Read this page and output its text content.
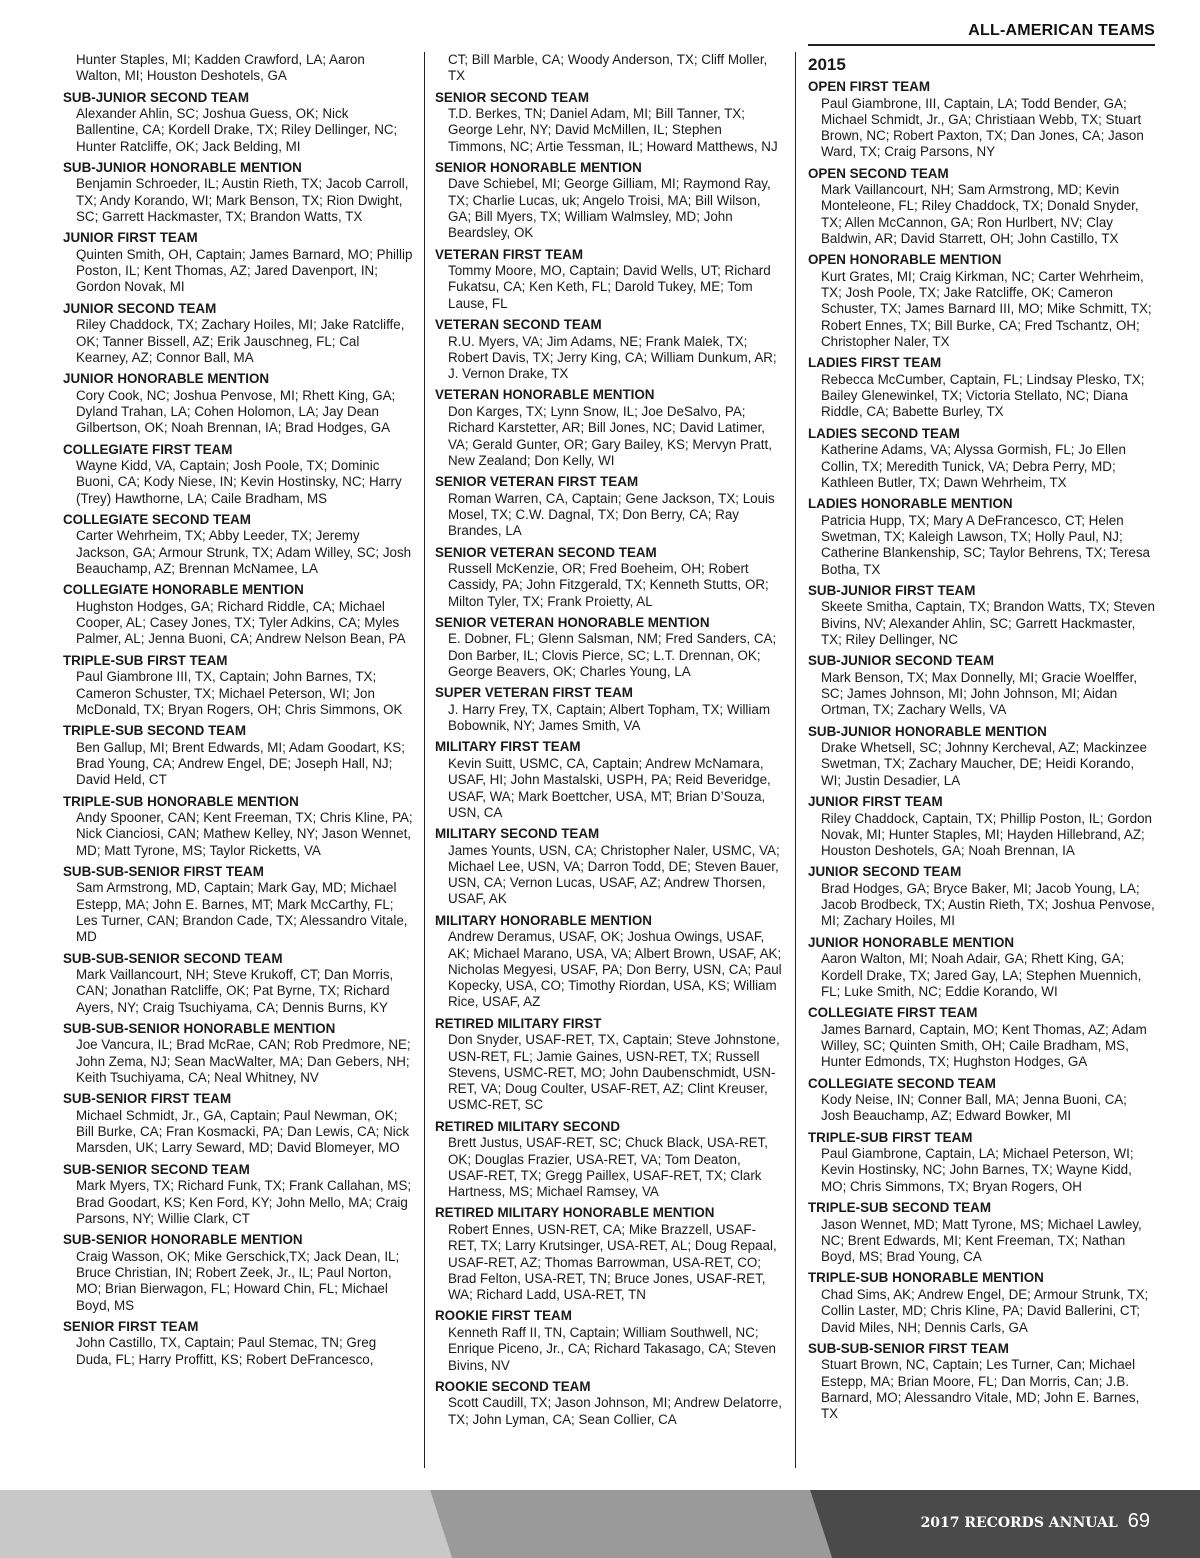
ALL-AMERICAN TEAMS
Hunter Staples, MI; Kadden Crawford, LA; Aaron Walton, MI; Houston Deshotels, GA
SUB-JUNIOR SECOND TEAM
Alexander Ahlin, SC; Joshua Guess, OK; Nick Ballentine, CA; Kordell Drake, TX; Riley Dellinger, NC; Hunter Ratcliffe, OK; Jack Belding, MI
SUB-JUNIOR HONORABLE MENTION
Benjamin Schroeder, IL; Austin Rieth, TX; Jacob Carroll, TX; Andy Korando, WI; Mark Benson, TX; Rion Dwight, SC; Garrett Hackmaster, TX; Brandon Watts, TX
JUNIOR FIRST TEAM
Quinten Smith, OH, Captain; James Barnard, MO; Phillip Poston, IL; Kent Thomas, AZ; Jared Davenport, IN; Gordon Novak, MI
JUNIOR SECOND TEAM
Riley Chaddock, TX; Zachary Hoiles, MI; Jake Ratcliffe, OK; Tanner Bissell, AZ; Erik Jauschneg, FL; Cal Kearney, AZ; Connor Ball, MA
JUNIOR HONORABLE MENTION
Cory Cook, NC; Joshua Penvose, MI; Rhett King, GA; Dyland Trahan, LA; Cohen Holomon, LA; Jay Dean Gilbertson, OK; Noah Brennan, IA; Brad Hodges, GA
COLLEGIATE FIRST TEAM
Wayne Kidd, VA, Captain; Josh Poole, TX; Dominic Buoni, CA; Kody Niese, IN; Kevin Hostinsky, NC; Harry (Trey) Hawthorne, LA; Caile Bradham, MS
COLLEGIATE SECOND TEAM
Carter Wehrheim, TX; Abby Leeder, TX; Jeremy Jackson, GA; Armour Strunk, TX; Adam Willey, SC; Josh Beauchamp, AZ; Brennan McNamee, LA
COLLEGIATE HONORABLE MENTION
Hughston Hodges, GA; Richard Riddle, CA; Michael Cooper, AL; Casey Jones, TX; Tyler Adkins, CA; Myles Palmer, AL; Jenna Buoni, CA; Andrew Nelson Bean, PA
TRIPLE-SUB FIRST TEAM
Paul Giambrone III, TX, Captain; John Barnes, TX; Cameron Schuster, TX; Michael Peterson, WI; Jon McDonald, TX; Bryan Rogers, OH; Chris Simmons, OK
TRIPLE-SUB SECOND TEAM
Ben Gallup, MI; Brent Edwards, MI; Adam Goodart, KS; Brad Young, CA; Andrew Engel, DE; Joseph Hall, NJ; David Held, CT
TRIPLE-SUB HONORABLE MENTION
Andy Spooner, CAN; Kent Freeman, TX; Chris Kline, PA; Nick Cianciosi, CAN; Mathew Kelley, NY; Jason Wennet, MD; Matt Tyrone, MS; Taylor Ricketts, VA
SUB-SUB-SENIOR FIRST TEAM
Sam Armstrong, MD, Captain; Mark Gay, MD; Michael Estepp, MA; John E. Barnes, MT; Mark McCarthy, FL; Les Turner, CAN; Brandon Cade, TX; Alessandro Vitale, MD
SUB-SUB-SENIOR SECOND TEAM
Mark Vaillancourt, NH; Steve Krukoff, CT; Dan Morris, CAN; Jonathan Ratcliffe, OK; Pat Byrne, TX; Richard Ayers, NY; Craig Tsuchiyama, CA; Dennis Burns, KY
SUB-SUB-SENIOR HONORABLE MENTION
Joe Vancura, IL; Brad McRae, CAN; Rob Predmore, NE; John Zema, NJ; Sean MacWalter, MA; Dan Gebers, NH; Keith Tsuchiyama, CA; Neal Whitney, NV
SUB-SENIOR FIRST TEAM
Michael Schmidt, Jr., GA, Captain; Paul Newman, OK; Bill Burke, CA; Fran Kosmacki, PA; Dan Lewis, CA; Nick Marsden, UK; Larry Seward, MD; David Blomeyer, MO
SUB-SENIOR SECOND TEAM
Mark Myers, TX; Richard Funk, TX; Frank Callahan, MS; Brad Goodart, KS; Ken Ford, KY; John Mello, MA; Craig Parsons, NY; Willie Clark, CT
SUB-SENIOR HONORABLE MENTION
Craig Wasson, OK; Mike Gerschick,TX; Jack Dean, IL; Bruce Christian, IN; Robert Zeek, Jr., IL; Paul Norton, MO; Brian Bierwagon, FL; Howard Chin, FL; Michael Boyd, MS
SENIOR FIRST TEAM
John Castillo, TX, Captain; Paul Stemac, TN; Greg Duda, FL; Harry Proffitt, KS; Robert DeFrancesco,
CT; Bill Marble, CA; Woody Anderson, TX; Cliff Moller, TX
SENIOR SECOND TEAM
T.D. Berkes, TN; Daniel Adam, MI; Bill Tanner, TX; George Lehr, NY; David McMillen, IL; Stephen Timmons, NC; Artie Tessman, IL; Howard Matthews, NJ
SENIOR HONORABLE MENTION
Dave Schiebel, MI; George Gilliam, MI; Raymond Ray, TX; Charlie Lucas, uk; Angelo Troisi, MA; Bill Wilson, GA; Bill Myers, TX; William Walmsley, MD; John Beardsley, OK
VETERAN FIRST TEAM
Tommy Moore, MO, Captain; David Wells, UT; Richard Fukatsu, CA; Ken Keth, FL; Darold Tukey, ME; Tom Lause, FL
VETERAN SECOND TEAM
R.U. Myers, VA; Jim Adams, NE; Frank Malek, TX; Robert Davis, TX; Jerry King, CA; William Dunkum, AR; J. Vernon Drake, TX
VETERAN HONORABLE MENTION
Don Karges, TX; Lynn Snow, IL; Joe DeSalvo, PA; Richard Karstetter, AR; Bill Jones, NC; David Latimer, VA; Gerald Gunter, OR; Gary Bailey, KS; Mervyn Pratt, New Zealand; Don Kelly, WI
SENIOR VETERAN FIRST TEAM
Roman Warren, CA, Captain; Gene Jackson, TX; Louis Mosel, TX; C.W. Dagnal, TX; Don Berry, CA; Ray Brandes, LA
SENIOR VETERAN SECOND TEAM
Russell McKenzie, OR; Fred Boeheim, OH; Robert Cassidy, PA; John Fitzgerald, TX; Kenneth Stutts, OR; Milton Tyler, TX; Frank Proietty, AL
SENIOR VETERAN HONORABLE MENTION
E. Dobner, FL; Glenn Salsman, NM; Fred Sanders, CA; Don Barber, IL; Clovis Pierce, SC; L.T. Drennan, OK; George Beavers, OK; Charles Young, LA
SUPER VETERAN FIRST TEAM
J. Harry Frey, TX, Captain; Albert Topham, TX; William Bobownik, NY; James Smith, VA
MILITARY FIRST TEAM
Kevin Suitt, USMC, CA, Captain; Andrew McNamara, USAF, HI; John Mastalski, USPH, PA; Reid Beveridge, USAF, WA; Mark Boettcher, USA, MT; Brian D’Souza, USN, CA
MILITARY SECOND TEAM
James Younts, USN, CA; Christopher Naler, USMC, VA; Michael Lee, USN, VA; Darron Todd, DE; Steven Bauer, USN, CA; Vernon Lucas, USAF, AZ; Andrew Thorsen, USAF, AK
MILITARY HONORABLE MENTION
Andrew Deramus, USAF, OK; Joshua Owings, USAF, AK; Michael Marano, USA, VA; Albert Brown, USAF, AK; Nicholas Megyesi, USAF, PA; Don Berry, USN, CA; Paul Kopecky, USA, CO; Timothy Riordan, USA, KS; William Rice, USAF, AZ
RETIRED MILITARY FIRST
Don Snyder, USAF-RET, TX, Captain; Steve Johnstone, USN-RET, FL; Jamie Gaines, USN-RET, TX; Russell Stevens, USMC-RET, MO; John Daubenschmidt, USN-RET, VA; Doug Coulter, USAF-RET, AZ; Clint Kreuser, USMC-RET, SC
RETIRED MILITARY SECOND
Brett Justus, USAF-RET, SC; Chuck Black, USA-RET, OK; Douglas Frazier, USA-RET, VA; Tom Deaton, USAF-RET, TX; Gregg Paillex, USAF-RET, TX; Clark Hartness, MS; Michael Ramsey, VA
RETIRED MILITARY HONORABLE MENTION
Robert Ennes, USN-RET, CA; Mike Brazzell, USAF-RET, TX; Larry Krutsinger, USA-RET, AL; Doug Repaal, USAF-RET, AZ; Thomas Barrowman, USA-RET, CO; Brad Felton, USA-RET, TN; Bruce Jones, USAF-RET, WA; Richard Ladd, USA-RET, TN
ROOKIE FIRST TEAM
Kenneth Raff II, TN, Captain; William Southwell, NC; Enrique Piceno, Jr., CA; Richard Takasago, CA; Steven Bivins, NV
ROOKIE SECOND TEAM
Scott Caudill, TX; Jason Johnson, MI; Andrew Delatorre, TX; John Lyman, CA; Sean Collier, CA
2015
OPEN FIRST TEAM
Paul Giambrone, III, Captain, LA; Todd Bender, GA; Michael Schmidt, Jr., GA; Christiaan Webb, TX; Stuart Brown, NC; Robert Paxton, TX; Dan Jones, CA; Jason Ward, TX; Craig Parsons, NY
OPEN SECOND TEAM
Mark Vaillancourt, NH; Sam Armstrong, MD; Kevin Monteleone, FL; Riley Chaddock, TX; Donald Snyder, TX; Allen McCannon, GA; Ron Hurlbert, NV; Clay Baldwin, AR; David Starrett, OH; John Castillo, TX
OPEN HONORABLE MENTION
Kurt Grates, MI; Craig Kirkman, NC; Carter Wehrheim, TX; Josh Poole, TX; Jake Ratcliffe, OK; Cameron Schuster, TX; James Barnard III, MO; Mike Schmitt, TX; Robert Ennes, TX; Bill Burke, CA; Fred Tschantz, OH; Christopher Naler, TX
LADIES FIRST TEAM
Rebecca McCumber, Captain, FL; Lindsay Plesko, TX; Bailey Glenewinkel, TX; Victoria Stellato, NC; Diana Riddle, CA; Babette Burley, TX
LADIES SECOND TEAM
Katherine Adams, VA; Alyssa Gormish, FL; Jo Ellen Collin, TX; Meredith Tunick, VA; Debra Perry, MD; Kathleen Butler, TX; Dawn Wehrheim, TX
LADIES HONORABLE MENTION
Patricia Hupp, TX; Mary A DeFrancesco, CT; Helen Swetman, TX; Kaleigh Lawson, TX; Holly Paul, NJ; Catherine Blankenship, SC; Taylor Behrens, TX; Teresa Botha, TX
SUB-JUNIOR FIRST TEAM
Skeete Smitha, Captain, TX; Brandon Watts, TX; Steven Bivins, NV; Alexander Ahlin, SC; Garrett Hackmaster, TX; Riley Dellinger, NC
SUB-JUNIOR SECOND TEAM
Mark Benson, TX; Max Donnelly, MI; Gracie Woelffer, SC; James Johnson, MI; John Johnson, MI; Aidan Ortman, TX; Zachary Wells, VA
SUB-JUNIOR HONORABLE MENTION
Drake Whetsell, SC; Johnny Kercheval, AZ; Mackinzee Swetman, TX; Zachary Maucher, DE; Heidi Korando, WI; Justin Desadier, LA
JUNIOR FIRST TEAM
Riley Chaddock, Captain, TX; Phillip Poston, IL; Gordon Novak, MI; Hunter Staples, MI; Hayden Hillebrand, AZ; Houston Deshotels, GA; Noah Brennan, IA
JUNIOR SECOND TEAM
Brad Hodges, GA; Bryce Baker, MI; Jacob Young, LA; Jacob Brodbeck, TX; Austin Rieth, TX; Joshua Penvose, MI; Zachary Hoiles, MI
JUNIOR HONORABLE MENTION
Aaron Walton, MI; Noah Adair, GA; Rhett King, GA; Kordell Drake, TX; Jared Gay, LA; Stephen Muennich, FL; Luke Smith, NC; Eddie Korando, WI
COLLEGIATE FIRST TEAM
James Barnard, Captain, MO; Kent Thomas, AZ; Adam Willey, SC; Quinten Smith, OH; Caile Bradham, MS, Hunter Edmonds, TX; Hughston Hodges, GA
COLLEGIATE SECOND TEAM
Kody Neise, IN; Conner Ball, MA; Jenna Buoni, CA; Josh Beauchamp, AZ; Edward Bowker, MI
TRIPLE-SUB FIRST TEAM
Paul Giambrone, Captain, LA; Michael Peterson, WI; Kevin Hostinsky, NC; John Barnes, TX; Wayne Kidd, MO; Chris Simmons, TX; Bryan Rogers, OH
TRIPLE-SUB SECOND TEAM
Jason Wennet, MD; Matt Tyrone, MS; Michael Lawley, NC; Brent Edwards, MI; Kent Freeman, TX; Nathan Boyd, MS; Brad Young, CA
TRIPLE-SUB HONORABLE MENTION
Chad Sims, AK; Andrew Engel, DE; Armour Strunk, TX; Collin Laster, MD; Chris Kline, PA; David Ballerini, CT; David Miles, NH; Dennis Carls, GA
SUB-SUB-SENIOR FIRST TEAM
Stuart Brown, NC, Captain; Les Turner, Can; Michael Estepp, MA; Brian Moore, FL; Dan Morris, Can; J.B. Barnard, MO; Alessandro Vitale, MD; John E. Barnes, TX
2017 RECORDS ANNUAL 69
